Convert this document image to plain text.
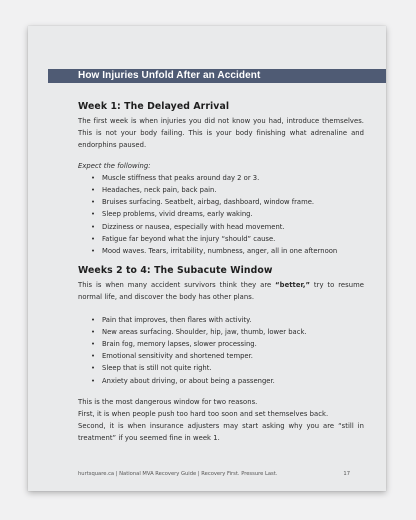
How Injuries Unfold After an Accident
Week 1: The Delayed Arrival

The first week is when injuries you did not know you had, introduce themselves. This is not your body failing. This is your body finishing what adrenaline and endorphins paused.

Expect the following:

• Muscle stiffness that peaks around day 2 or 3.
• Headaches, neck pain, back pain.
• Bruises surfacing. Seatbelt, airbag, dashboard, window frame.
• Sleep problems, vivid dreams, early waking.
• Dizziness or nausea, especially with head movement.
• Fatigue far beyond what the injury “should” cause.
• Mood waves. Tears, irritability, numbness, anger, all in one afternoon
Weeks 2 to 4: The Subacute Window

This is when many accident survivors think they are “better,” try to resume normal life, and discover the body has other plans.

• Pain that improves, then flares with activity.
• New areas surfacing. Shoulder, hip, jaw, thumb, lower back.
• Brain fog, memory lapses, slower processing.
• Emotional sensitivity and shortened temper.
• Sleep that is still not quite right.
• Anxiety about driving, or about being a passenger.

This is the most dangerous window for two reasons.

First, it is when people push too hard too soon and set themselves back.

Second, it is when insurance adjusters may start asking why you are “still in treatment” if you seemed fine in week 1.

hurtsquare.ca | National MVA Recovery Guide | Recovery First. Pressure Last.	17
